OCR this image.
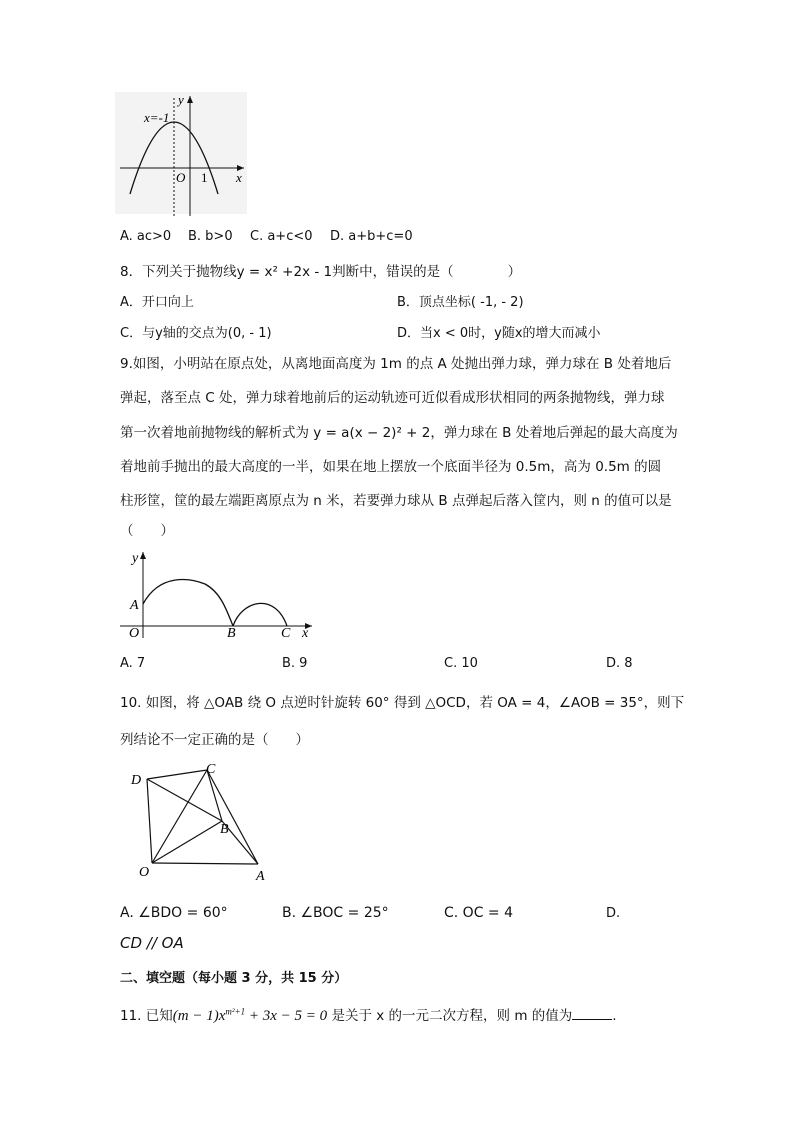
y
x
O
x=-1
1
A. ac>0 B. b>0 C. a+c<0 D. a+b+c=0
8．下列关于抛物线y = x² +2x - 1判断中，错误的是（　　　　）
A．开口向上	B．顶点坐标( -1, - 2)
C．与y轴的交点为(0, - 1)	D．当x < 0时，y随x的增大而减小
9.如图，小明站在原点处，从离地面高度为 1m 的点 A 处抛出弹力球，弹力球在 B 处着地后
弹起，落至点 C 处，弹力球着地前后的运动轨迹可近似看成形状相同的两条抛物线，弹力球
第一次着地前抛物线的解析式为 y = a(x − 2)² + 2，弹力球在 B 处着地后弹起的最大高度为
着地前手抛出的最大高度的一半，如果在地上摆放一个底面半径为 0.5m，高为 0.5m 的圆
柱形筐，筐的最左端距离原点为 n 米，若要弹力球从 B 点弹起后落入筐内，则 n 的值可以是
（　　）
y
A
O	B	C x
A. 7	B. 9	C. 10	D. 8
10. 如图，将 △OAB 绕 O 点逆时针旋转 60° 得到 △OCD，若 OA = 4，∠AOB = 35°，则下
列结论不一定正确的是（　　）
D
C
B
O	A
A. ∠BDO = 60°	B. ∠BOC = 25°	C. OC = 4	D.
CD // OA
二、填空题（每小题 3 分，共 15 分）
11. 已知$(m - 1)x^{m^2+1} + 3x - 5 = 0$ 是关于 x 的一元二次方程，则 m 的值为	.
